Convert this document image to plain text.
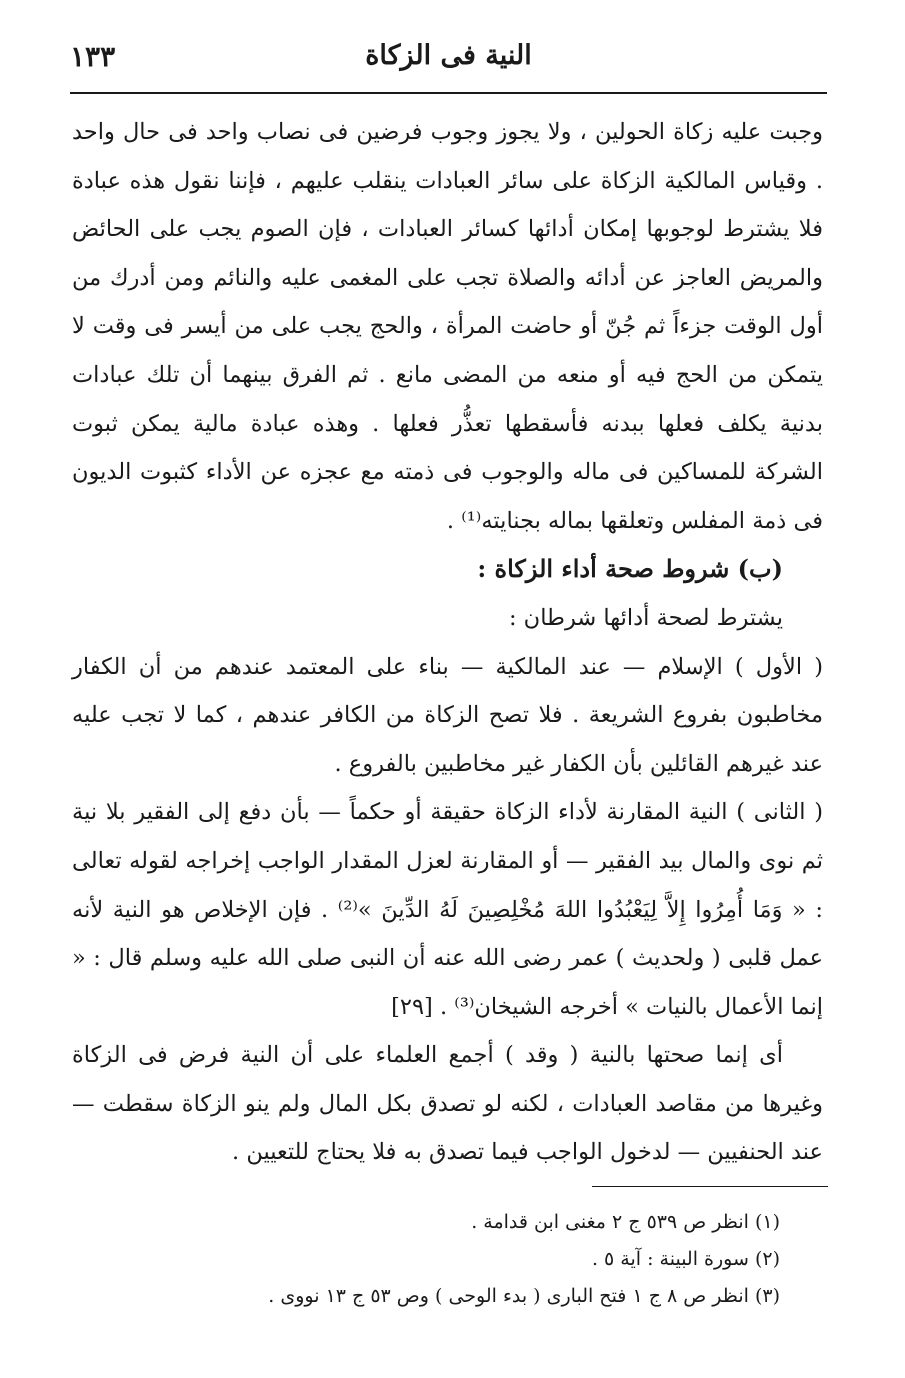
النية فى الزكاة
١٣٣

وجبت عليه زكاة الحولين ، ولا يجوز وجوب فرضين فى نصاب واحد فى حال واحد . وقياس المالكية الزكاة على سائر العبادات ينقلب عليهم ، فإننا نقول هذه عبادة فلا يشترط لوجوبها إمكان أدائها كسائر العبادات ، فإن الصوم يجب على الحائض والمريض العاجز عن أدائه والصلاة تجب على المغمى عليه والنائم ومن أدرك من أول الوقت جزءاً ثم جُنّ أو حاضت المرأة ، والحج يجب على من أيسر فى وقت لا يتمكن من الحج فيه أو منعه من المضى مانع . ثم الفرق بينهما أن تلك عبادات بدنية يكلف فعلها ببدنه فأسقطها تعذُّر فعلها . وهذه عبادة مالية يمكن ثبوت الشركة للمساكين فى ماله والوجوب فى ذمته مع عجزه عن الأداء كثبوت الديون فى ذمة المفلس وتعلقها بماله بجنايته⁽¹⁾ .

(ب) شروط صحة أداء الزكاة :

يشترط لصحة أدائها شرطان :

( الأول ) الإسلام — عند المالكية — بناء على المعتمد عندهم من أن الكفار مخاطبون بفروع الشريعة . فلا تصح الزكاة من الكافر عندهم ، كما لا تجب عليه عند غيرهم القائلين بأن الكفار غير مخاطبين بالفروع .

( الثانى ) النية المقارنة لأداء الزكاة حقيقة أو حكماً — بأن دفع إلى الفقير بلا نية ثم نوى والمال بيد الفقير — أو المقارنة لعزل المقدار الواجب إخراجه لقوله تعالى : « وَمَا أُمِرُوا إِلاَّ لِيَعْبُدُوا اللهَ مُخْلِصِينَ لَهُ الدِّينَ »⁽²⁾ . فإن الإخلاص هو النية لأنه عمل قلبى ( ولحديث ) عمر رضى الله عنه أن النبى صلى الله عليه وسلم قال : « إنما الأعمال بالنيات » أخرجه الشيخان⁽³⁾ . [٢٩]

أى إنما صحتها بالنية ( وقد ) أجمع العلماء على أن النية فرض فى الزكاة وغيرها من مقاصد العبادات ، لكنه لو تصدق بكل المال ولم ينو الزكاة سقطت — عند الحنفيين — لدخول الواجب فيما تصدق به فلا يحتاج للتعيين .

(١) انظر ص ٥٣٩ ج ٢ مغنى ابن قدامة .

(٢) سورة البينة : آية ٥ .

(٣) انظر ص ٨ ج ١ فتح البارى ( بدء الوحى ) وص ٥٣ ج ١٣ نووى .
